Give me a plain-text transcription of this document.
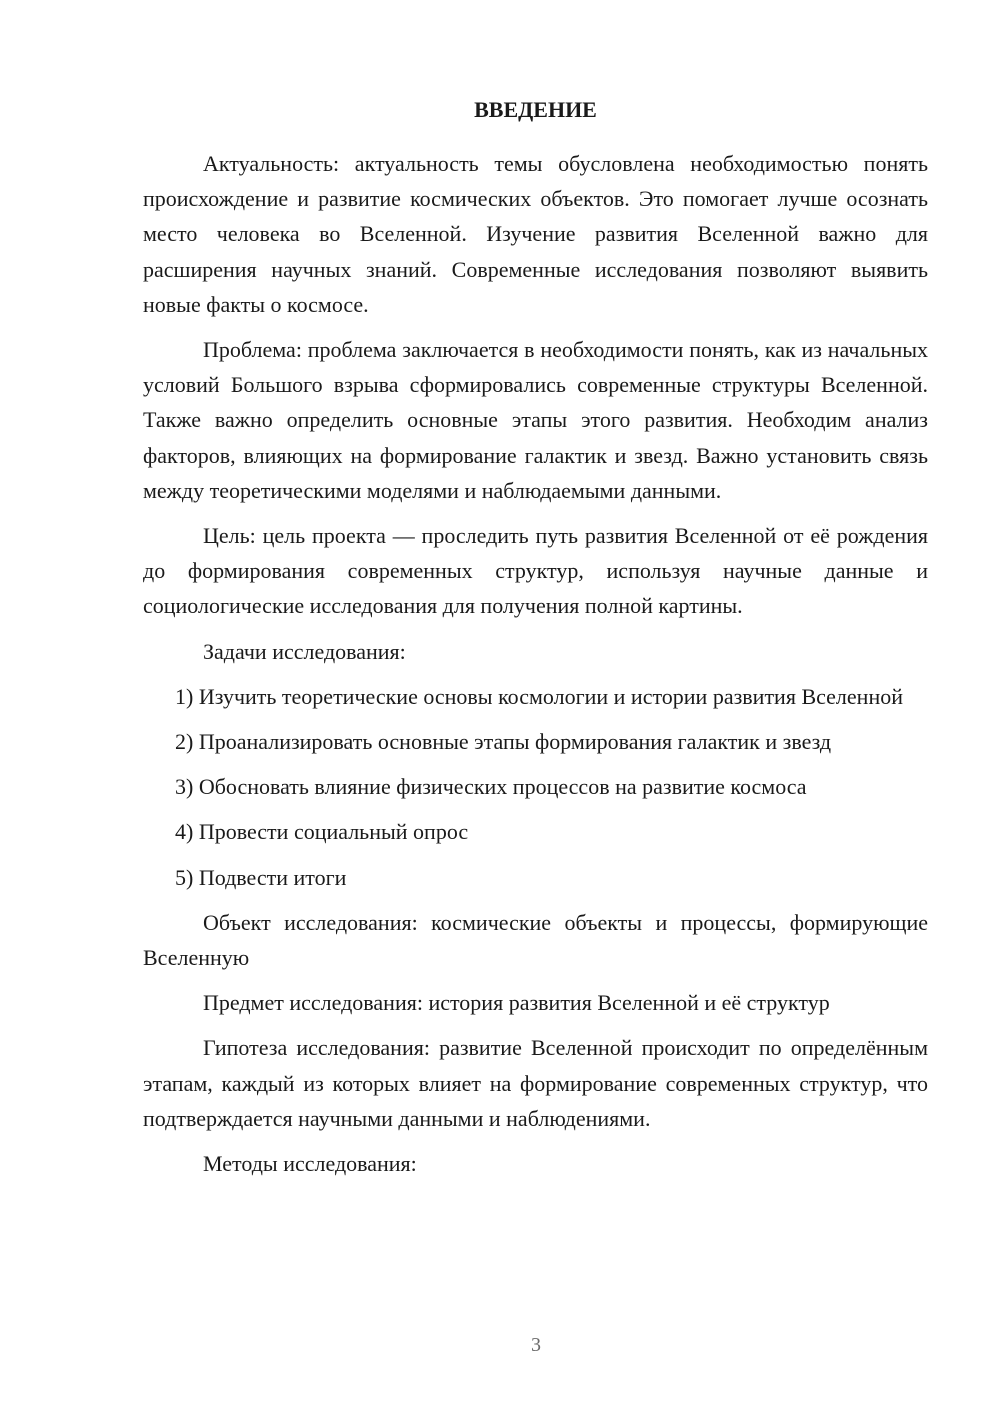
ВВЕДЕНИЕ

Актуальность: актуальность темы обусловлена необходимостью понять происхождение и развитие космических объектов. Это помогает лучше осознать место человека во Вселенной. Изучение развития Вселенной важно для расширения научных знаний. Современные исследования позволяют выявить новые факты о космосе.

Проблема: проблема заключается в необходимости понять, как из начальных условий Большого взрыва сформировались современные структуры Вселенной. Также важно определить основные этапы этого развития. Необходим анализ факторов, влияющих на формирование галактик и звезд. Важно установить связь между теоретическими моделями и наблюдаемыми данными.

Цель: цель проекта — проследить путь развития Вселенной от её рождения до формирования современных структур, используя научные данные и социологические исследования для получения полной картины.

Задачи исследования:

1) Изучить теоретические основы космологии и истории развития Вселенной

2) Проанализировать основные этапы формирования галактик и звезд

3) Обосновать влияние физических процессов на развитие космоса

4) Провести социальный опрос

5) Подвести итоги

Объект исследования: космические объекты и процессы, формирующие Вселенную

Предмет исследования: история развития Вселенной и её структур

Гипотеза исследования: развитие Вселенной происходит по определённым этапам, каждый из которых влияет на формирование современных структур, что подтверждается научными данными и наблюдениями.

Методы исследования:

3
